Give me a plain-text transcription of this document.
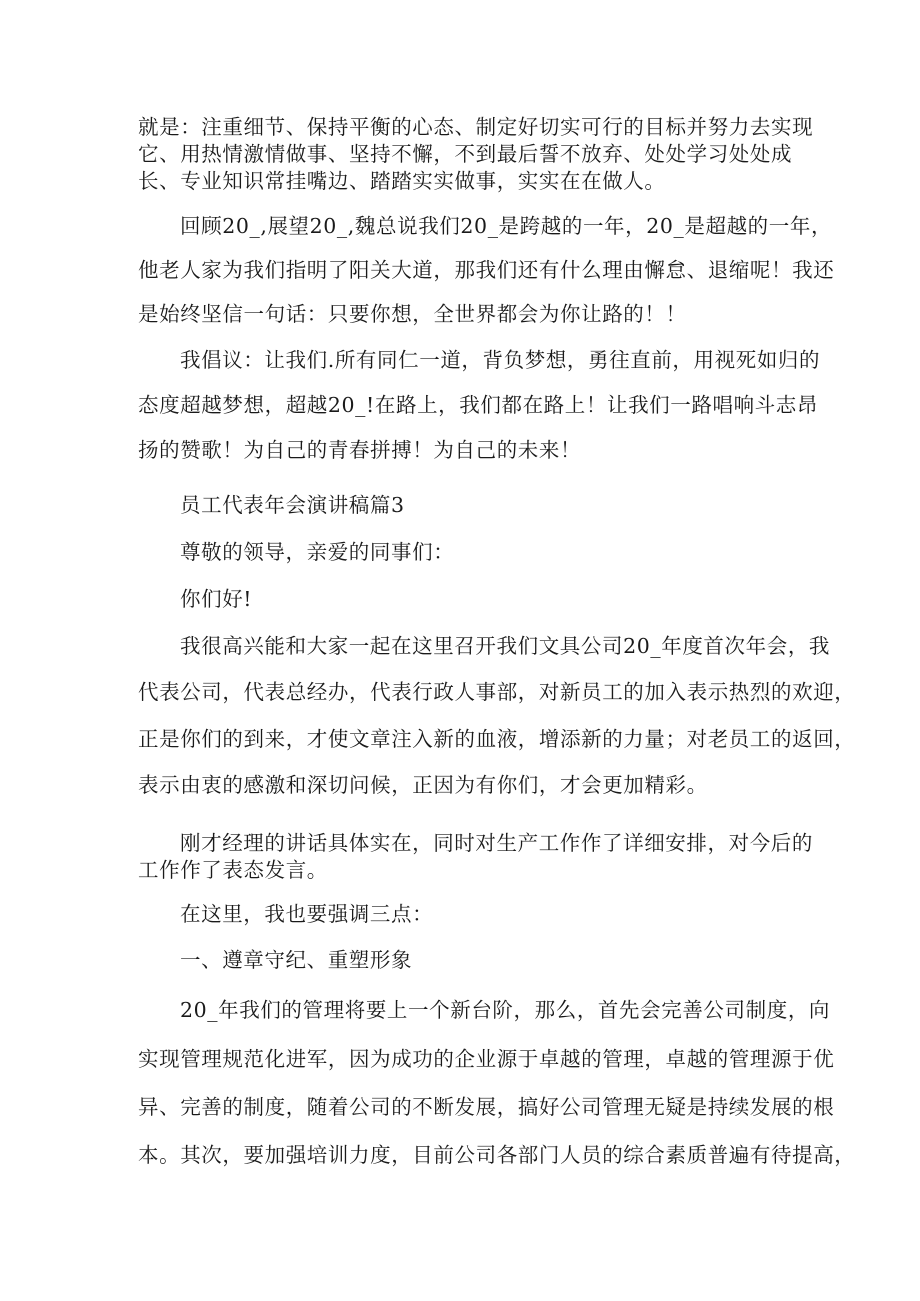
就是：注重细节、保持平衡的心态、制定好切实可行的目标并努力去实现
它、用热情激情做事、坚持不懈，不到最后誓不放弃、处处学习处处成
长、专业知识常挂嘴边、踏踏实实做事，实实在在做人。
回顾20_,展望20_,魏总说我们20_是跨越的一年，20_是超越的一年，
他老人家为我们指明了阳关大道，那我们还有什么理由懈怠、退缩呢！我还
是始终坚信一句话：只要你想，全世界都会为你让路的！！
我倡议：让我们.所有同仁一道，背负梦想，勇往直前，用视死如归的
态度超越梦想，超越20_!在路上，我们都在路上！让我们一路唱响斗志昂
扬的赞歌！为自己的青春拼搏！为自己的未来！
员工代表年会演讲稿篇3
尊敬的领导，亲爱的同事们：
你们好!
我很高兴能和大家一起在这里召开我们文具公司20_年度首次年会，我
代表公司，代表总经办，代表行政人事部，对新员工的加入表示热烈的欢迎，
正是你们的到来，才使文章注入新的血液，增添新的力量；对老员工的返回，
表示由衷的感激和深切问候，正因为有你们，才会更加精彩。
刚才经理的讲话具体实在，同时对生产工作作了详细安排，对今后的
工作作了表态发言。
在这里，我也要强调三点：
一、遵章守纪、重塑形象
20_年我们的管理将要上一个新台阶，那么，首先会完善公司制度，向
实现管理规范化进军，因为成功的企业源于卓越的管理，卓越的管理源于优
异、完善的制度，随着公司的不断发展，搞好公司管理无疑是持续发展的根
本。其次，要加强培训力度，目前公司各部门人员的综合素质普遍有待提高，
